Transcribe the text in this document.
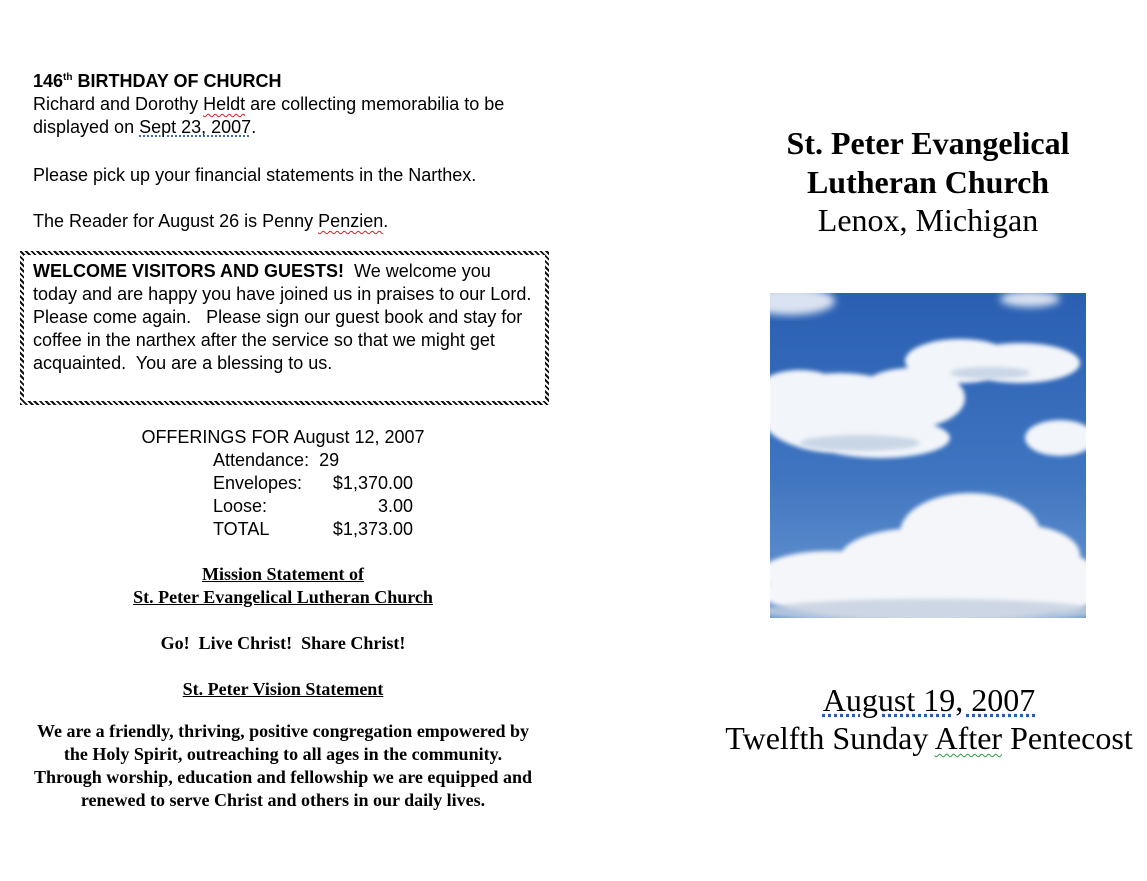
146th BIRTHDAY OF CHURCH
Richard and Dorothy Heldt are collecting memorabilia to be displayed on Sept 23, 2007.

Please pick up your financial statements in the Narthex.

The Reader for August 26 is Penny Penzien.

WELCOME VISITORS AND GUESTS!  We welcome you today and are happy you have joined us in praises to our Lord.  Please come again.   Please sign our guest book and stay for coffee in the narthex after the service so that we might get acquainted.  You are a blessing to us.

OFFERINGS FOR August 12, 2007
Attendance:  29
Envelopes: $1,370.00
Loose:	3.00
TOTAL	$1,373.00
Mission Statement of
St. Peter Evangelical Lutheran Church
Go!  Live Christ!  Share Christ!
St. Peter Vision Statement
We are a friendly, thriving, positive congregation empowered by the Holy Spirit, outreaching to all ages in the community. Through worship, education and fellowship we are equipped and renewed to serve Christ and others in our daily lives.
St. Peter Evangelical
Lutheran Church
Lenox, Michigan
August 19, 2007
Twelfth Sunday After Pentecost
